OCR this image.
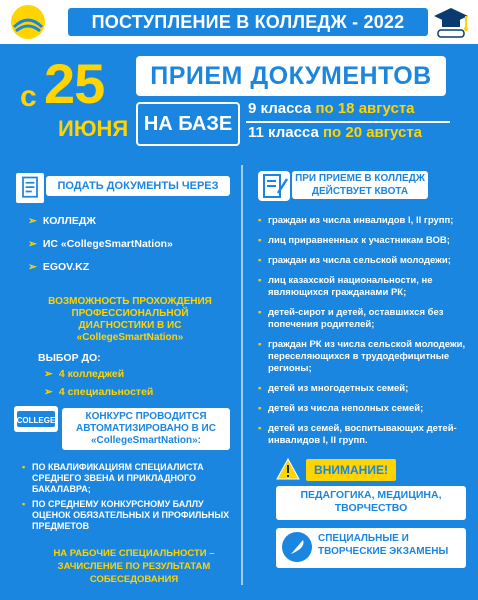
ПОСТУПЛЕНИЕ В КОЛЛЕДЖ - 2022
с 25
ИЮНЯ
ПРИЕМ ДОКУМЕНТОВ
НА БАЗЕ
9 класса по 18 августа
11 класса по 20 августа
ПОДАТЬ ДОКУМЕНТЫ ЧЕРЕЗ
➢ КОЛЛЕДЖ
➢ ИС «CollegeSmartNation»
➢ EGOV.KZ
ВОЗМОЖНОСТЬ ПРОХОЖДЕНИЯ ПРОФЕССИОНАЛЬНОЙ ДИАГНОСТИКИ В ИС «CollegeSmartNation»
ВЫБОР ДО:
➢ 4 колледжей
➢ 4 специальностей
COLLEGE	КОНКУРС ПРОВОДИТСЯ АВТОМАТИЗИРОВАНО В ИС «CollegeSmartNation»:
▪ ПО КВАЛИФИКАЦИЯМ СПЕЦИАЛИСТА СРЕДНЕГО ЗВЕНА И ПРИКЛАДНОГО БАКАЛАВРА;
▪ ПО СРЕДНЕМУ КОНКУРСНОМУ БАЛЛУ ОЦЕНОК ОБЯЗАТЕЛЬНЫХ И ПРОФИЛЬНЫХ ПРЕДМЕТОВ
НА РАБОЧИЕ СПЕЦИАЛЬНОСТИ – ЗАЧИСЛЕНИЕ ПО РЕЗУЛЬТАТАМ СОБЕСЕДОВАНИЯ
ПРИ ПРИЕМЕ В КОЛЛЕДЖ ДЕЙСТВУЕТ КВОТА
▪ граждан из числа инвалидов I, II групп;
▪ лиц приравненных к участникам ВОВ;
▪ граждан из числа сельской молодежи;
▪ лиц казахской национальности, не являющихся гражданами РК;
▪ детей-сирот и детей, оставшихся без попечения родителей;
▪ граждан РК из числа сельской молодежи, переселяющихся в трудодефицитные регионы;
▪ детей из многодетных семей;
▪ детей из числа неполных семей;
▪ детей из семей, воспитывающих детей-инвалидов I, II групп.
ВНИМАНИЕ!
ПЕДАГОГИКА, МЕДИЦИНА, ТВОРЧЕСТВО
СПЕЦИАЛЬНЫЕ И ТВОРЧЕСКИЕ ЭКЗАМЕНЫ
